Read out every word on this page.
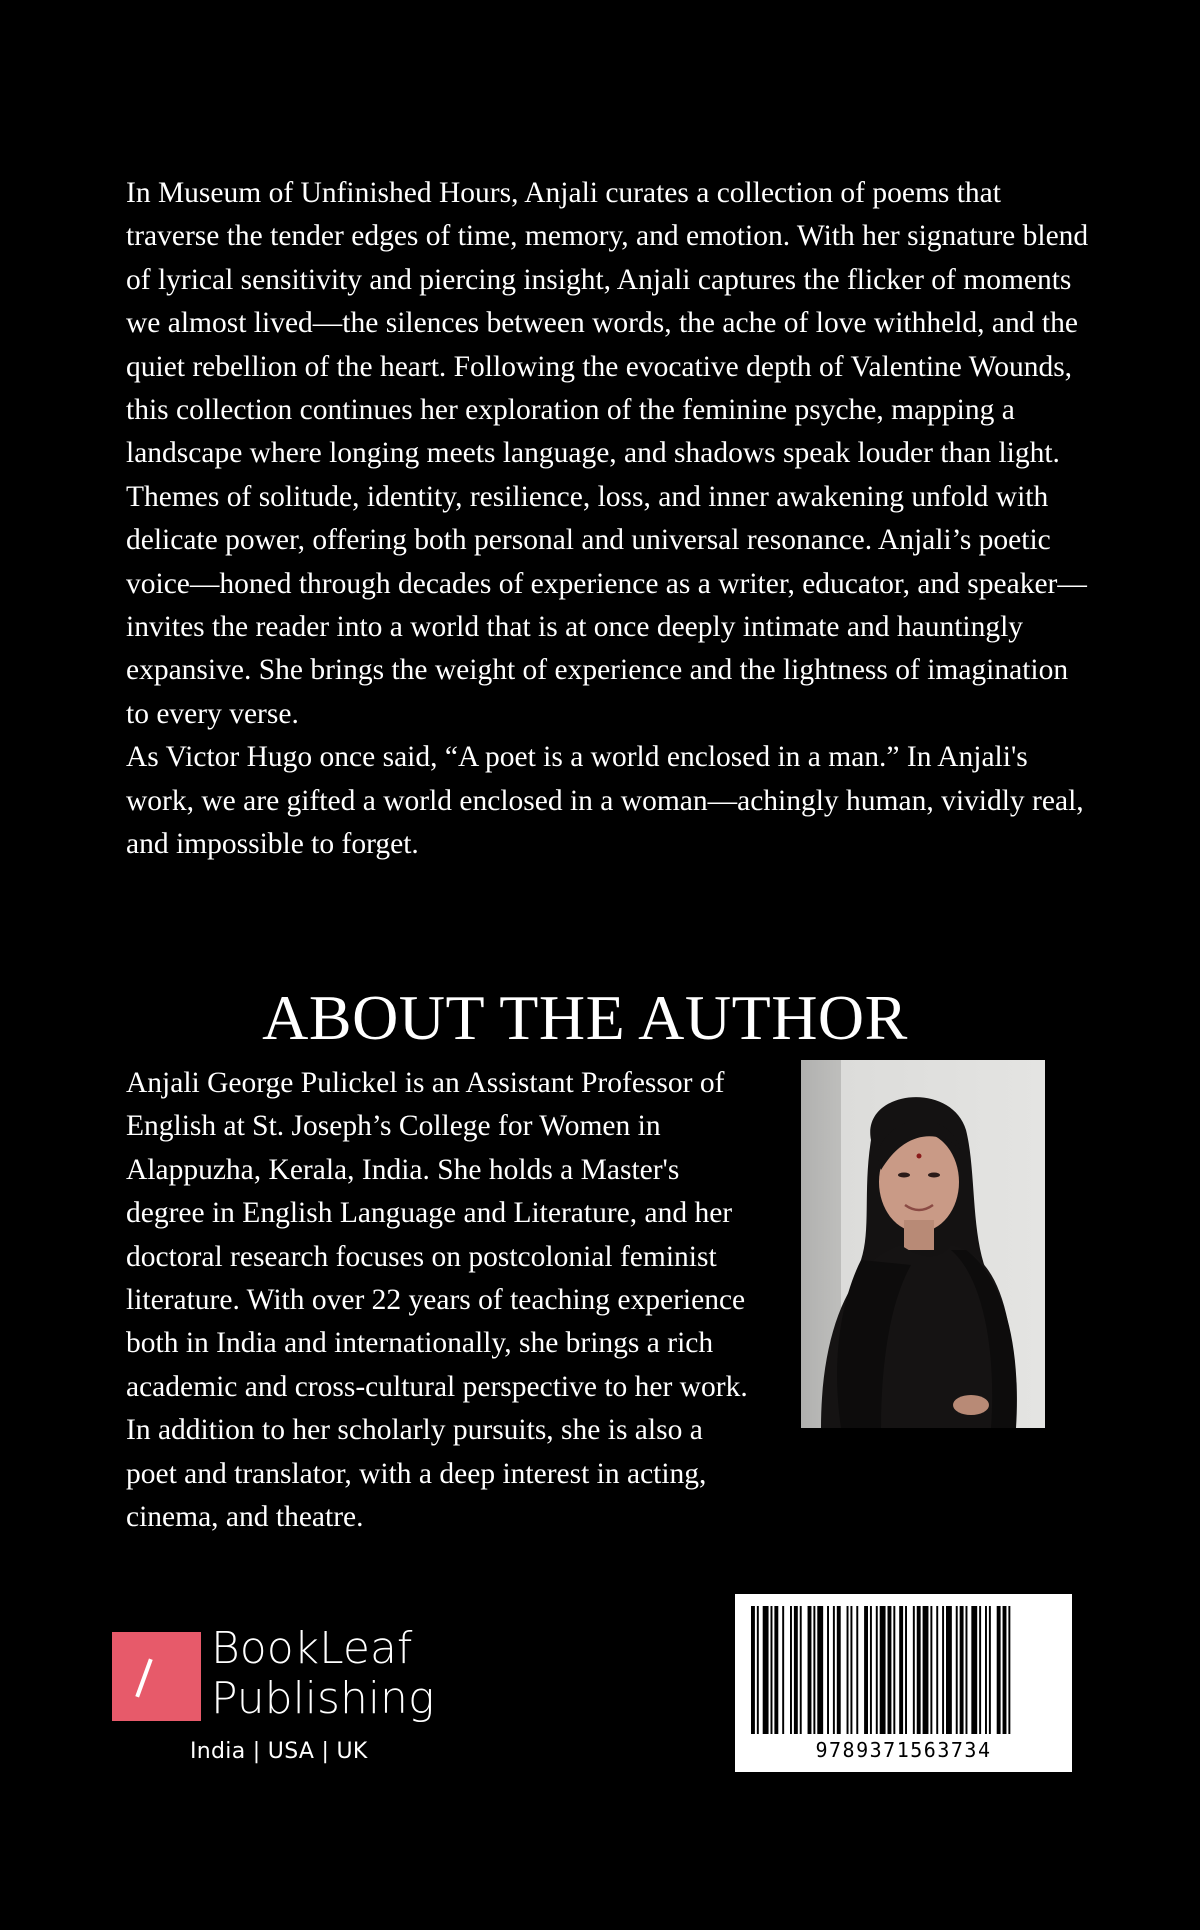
In Museum of Unfinished Hours, Anjali curates a collection of poems that traverse the tender edges of time, memory, and emotion. With her signature blend of lyrical sensitivity and piercing insight, Anjali captures the flicker of moments we almost lived—the silences between words, the ache of love withheld, and the quiet rebellion of the heart. Following the evocative depth of Valentine Wounds, this collection continues her exploration of the feminine psyche, mapping a landscape where longing meets language, and shadows speak louder than light. Themes of solitude, identity, resilience, loss, and inner awakening unfold with delicate power, offering both personal and universal resonance. Anjali’s poetic voice—honed through decades of experience as a writer, educator, and speaker—invites the reader into a world that is at once deeply intimate and hauntingly expansive. She brings the weight of experience and the lightness of imagination to every verse.

As Victor Hugo once said, “A poet is a world enclosed in a man.” In Anjali's work, we are gifted a world enclosed in a woman—achingly human, vividly real, and impossible to forget.

ABOUT THE AUTHOR

Anjali George Pulickel is an Assistant Professor of English at St. Joseph’s College for Women in Alappuzha, Kerala, India. She holds a Master's degree in English Language and Literature, and her doctoral research focuses on postcolonial feminist literature. With over 22 years of teaching experience both in India and internationally, she brings a rich academic and cross-cultural perspective to her work. In addition to her scholarly pursuits, she is also a poet and translator, with a deep interest in acting, cinema, and theatre.

BookLeaf
Publishing
India | USA | UK	9789371563734
